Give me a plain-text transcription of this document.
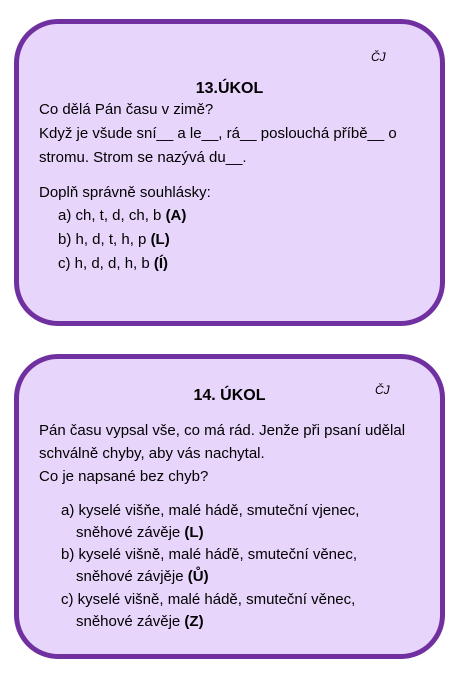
ČJ
13.ÚKOL
Co dělá Pán času v zimě?
Když je všude sní__ a le__, rá__ poslouchá příbě__ o
stromu. Strom se nazývá du__.
Doplň správně souhlásky:
a) ch, t, d, ch, b (A)
b) h, d, t, h, p (L)
c) h, d, d, h, b (Í)
ČJ
14. ÚKOL
Pán času vypsal vše, co má rád. Jenže při psaní udělal
schválně chyby, aby vás nachytal.
Co je napsané bez chyb?
a) kyselé višňe, malé hádě, smuteční vjenec,
sněhové závěje (L)
b) kyselé višně, malé háďě, smuteční věnec,
sněhové závjěje (Ů)
c) kyselé višně, malé hádě, smuteční věnec,
sněhové závěje (Z)
